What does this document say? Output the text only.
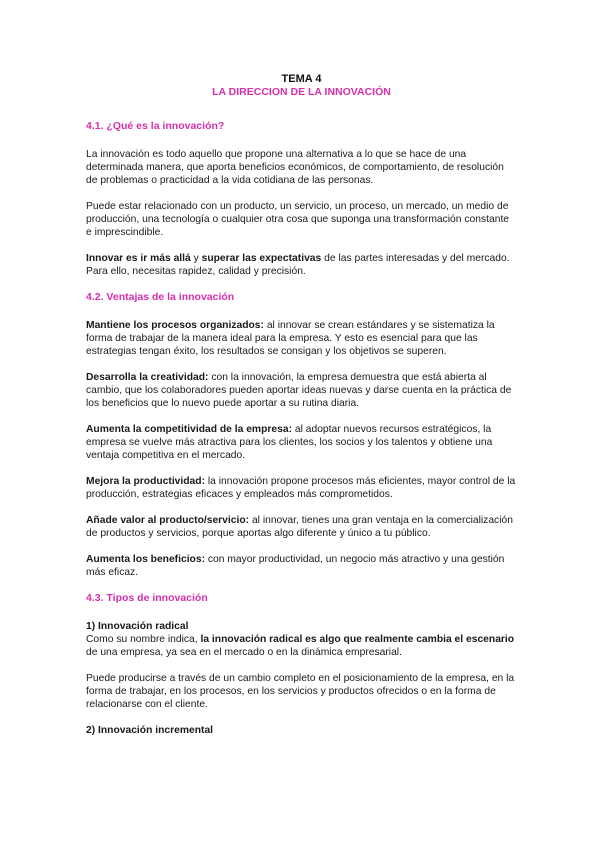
TEMA 4

LA DIRECCION DE LA INNOVACIÓN

4.1. ¿Qué es la innovación?

La innovación es todo aquello que propone una alternativa a lo que se hace de una determinada manera, que aporta beneficios económicos, de comportamiento, de resolución de problemas o practicidad a la vida cotidiana de las personas.

Puede estar relacionado con un producto, un servicio, un proceso, un mercado, un medio de producción, una tecnología o cualquier otra cosa que suponga una transformación constante e imprescindible.

Innovar es ir más allá y superar las expectativas de las partes interesadas y del mercado. Para ello, necesitas rapidez, calidad y precisión.

4.2. Ventajas de la innovación

Mantiene los procesos organizados: al innovar se crean estándares y se sistematiza la forma de trabajar de la manera ideal para la empresa. Y esto es esencial para que las estrategias tengan éxito, los resultados se consigan y los objetivos se superen.

Desarrolla la creatividad: con la innovación, la empresa demuestra que está abierta al cambio, que los colaboradores pueden aportar ideas nuevas y darse cuenta en la práctica de los beneficios que lo nuevo puede aportar a su rutina diaria.

Aumenta la competitividad de la empresa: al adoptar nuevos recursos estratégicos, la empresa se vuelve más atractiva para los clientes, los socios y los talentos y obtiene una ventaja competitiva en el mercado.

Mejora la productividad: la innovación propone procesos más eficientes, mayor control de la producción, estrategias eficaces y empleados más comprometidos.

Añade valor al producto/servicio: al innovar, tienes una gran ventaja en la comercialización de productos y servicios, porque aportas algo diferente y único a tu público.

Aumenta los beneficios: con mayor productividad, un negocio más atractivo y una gestión más eficaz.

4.3. Tipos de innovación

1) Innovación radical

Como su nombre indica, la innovación radical es algo que realmente cambia el escenario de una empresa, ya sea en el mercado o en la dinámica empresarial.

Puede producirse a través de un cambio completo en el posicionamiento de la empresa, en la forma de trabajar, en los procesos, en los servicios y productos ofrecidos o en la forma de relacionarse con el cliente.

2) Innovación incremental
